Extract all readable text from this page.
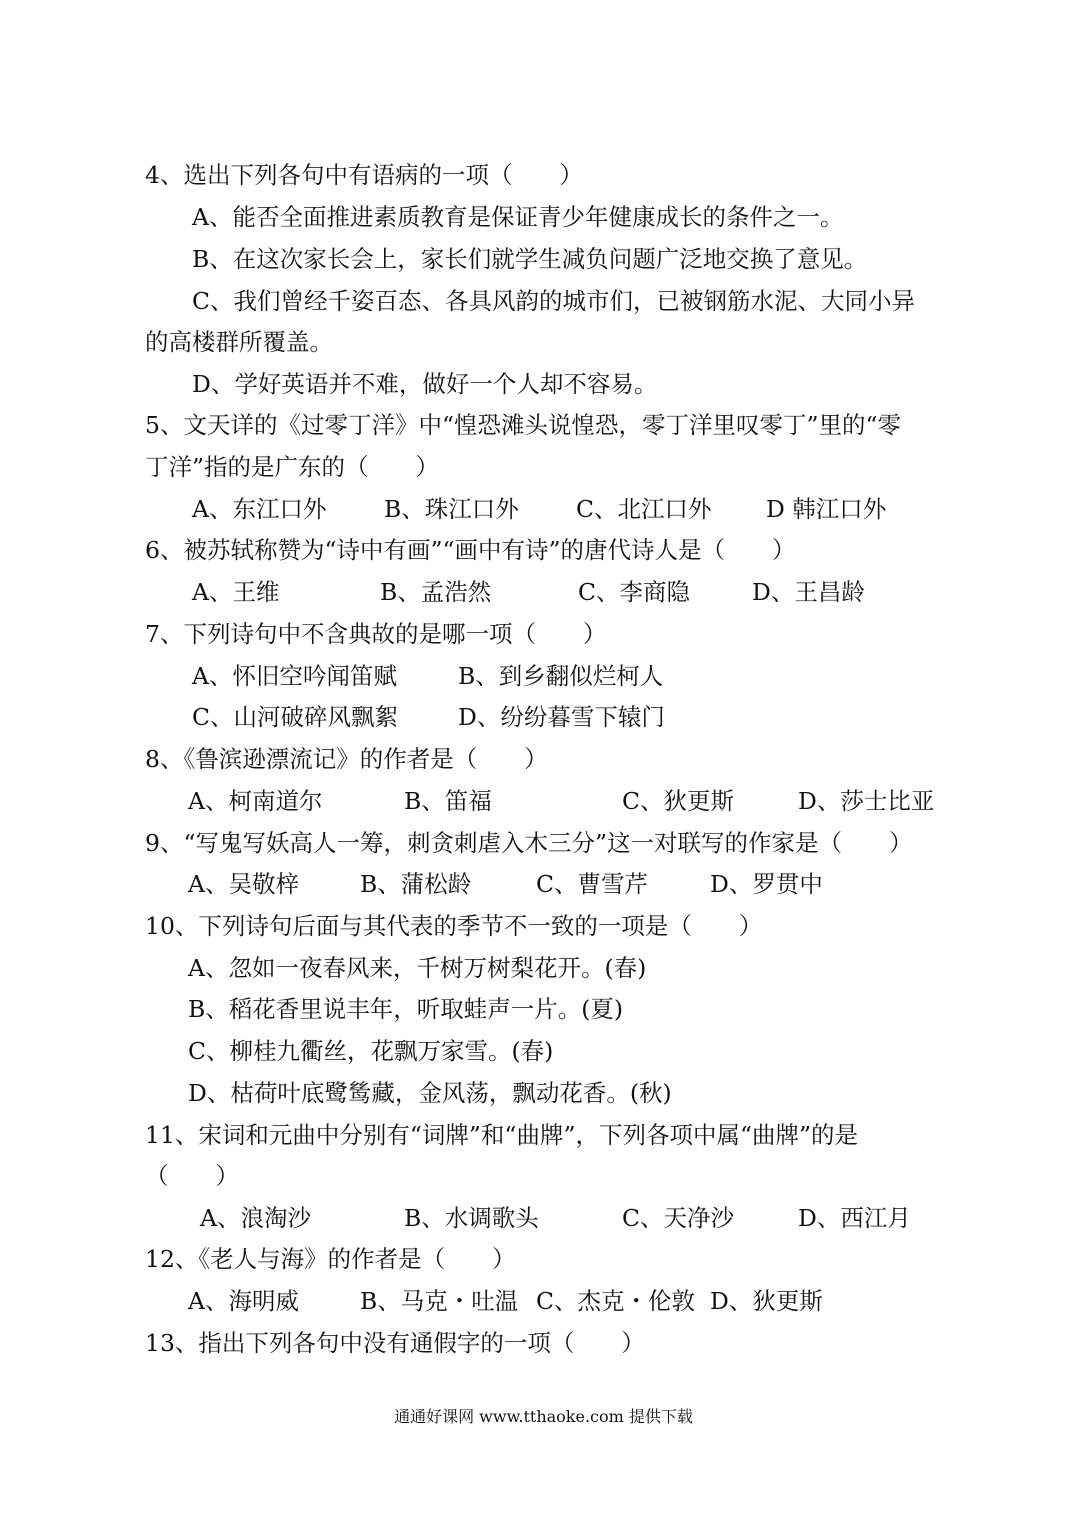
4、选出下列各句中有语病的一项（　　）
A、能否全面推进素质教育是保证青少年健康成长的条件之一。
B、在这次家长会上，家长们就学生减负问题广泛地交换了意见。
C、我们曾经千姿百态、各具风韵的城市们，已被钢筋水泥、大同小异
的高楼群所覆盖。
D、学好英语并不难，做好一个人却不容易。
5、文天详的《过零丁洋》中“惶恐滩头说惶恐，零丁洋里叹零丁”里的“零
丁洋”指的是广东的（　　）
A、东江口外 B、珠江口外 C、北江口外 D 韩江口外
6、被苏轼称赞为“诗中有画”“画中有诗”的唐代诗人是（　　）
A、王维	B、孟浩然	C、李商隐	D、王昌龄
7、下列诗句中不含典故的是哪一项（　　）
A、怀旧空吟闻笛赋	B、到乡翻似烂柯人
C、山河破碎风飘絮	D、纷纷暮雪下辕门
8、《鲁滨逊漂流记》的作者是（　　）
A、柯南道尔	B、笛福	C、狄更斯	D、莎士比亚
9、“写鬼写妖高人一筹，刺贪刺虐入木三分”这一对联写的作家是（　　）
A、吴敬梓	B、蒲松龄	C、曹雪芹	D、罗贯中
10、下列诗句后面与其代表的季节不一致的一项是（　　）
A、忽如一夜春风来，千树万树梨花开。(春)
B、稻花香里说丰年，听取蛙声一片。(夏)
C、柳桂九衢丝，花飘万家雪。(春)
D、枯荷叶底鹭鸶藏，金风荡，飘动花香。(秋)
11、宋词和元曲中分别有“词牌”和“曲牌”，下列各项中属“曲牌”的是
（　　）
A、浪淘沙	B、水调歌头	C、天净沙	D、西江月
12、《老人与海》的作者是（　　）
A、海明威	B、马克・吐温 C、杰克・伦敦 D、狄更斯
13、指出下列各句中没有通假字的一项（　　）
通通好课网 www.tthaoke.com 提供下载
